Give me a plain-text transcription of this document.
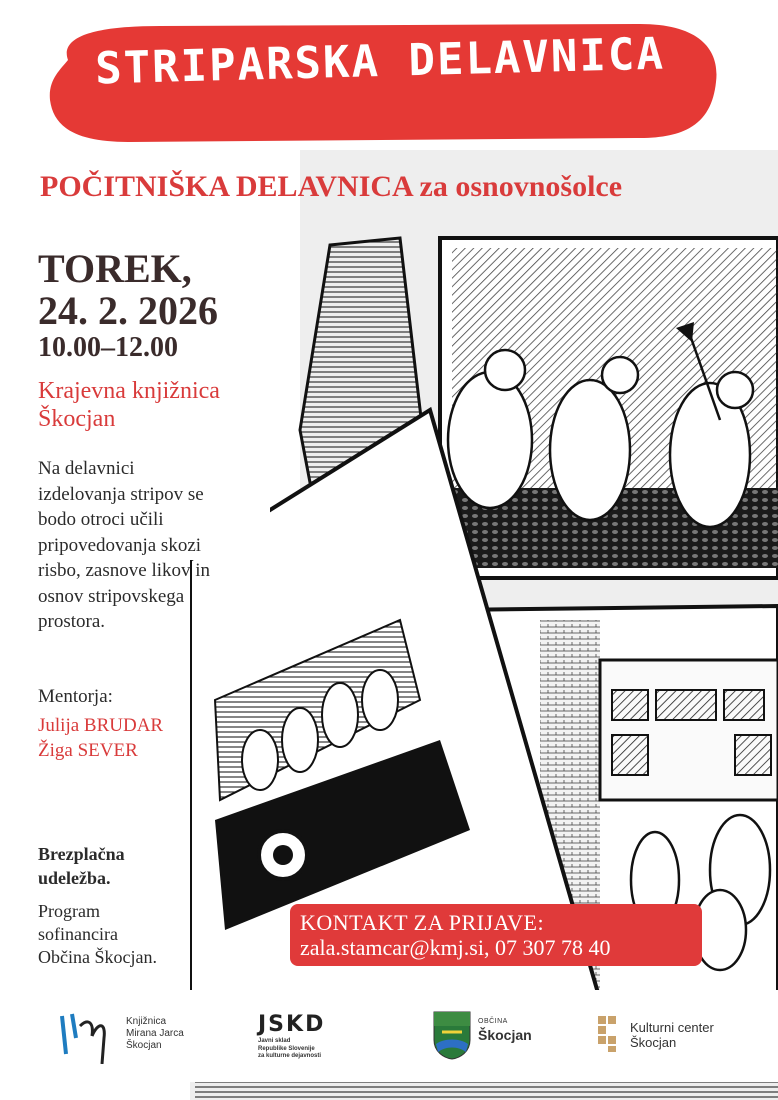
STRIPARSKA DELAVNICA
POČITNIŠKA DELAVNICA za osnovnošolce
TOREK,
24. 2. 2026
10.00–12.00
Krajevna knjižnica
Škocjan
Na delavnici
izdelovanja stripov se
bodo otroci učili
pripovedovanja skozi
risbo, zasnove likov in
osnov stripovskega
prostora.
Mentorja:
Julija BRUDAR
Žiga SEVER
Brezplačna
udeležba.
Program
sofinancira
Občina Škocjan.
KONTAKT ZA PRIJAVE:
zala.stamcar@kmj.si, 07 307 78 40
Knjižnica
Mirana Jarca
Škocjan
JSKD
Javni sklad
Republike Slovenije
za kulturne dejavnosti
OBČINA
Škocjan	Kulturni center
Škocjan
